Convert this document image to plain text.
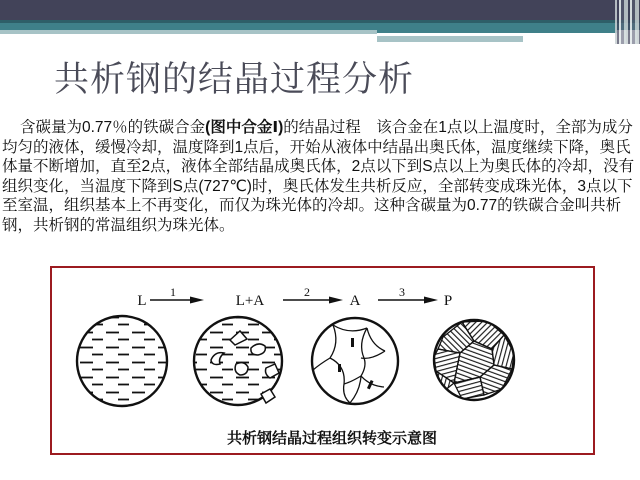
共析钢的结晶过程分析
含碳量为0.77％的铁碳合金(图中合金Ⅰ)的结晶过程　该合金在1点以上温度时，全部为成分均匀的液体，缓慢冷却，温度降到1点后，开始从液体中结晶出奥氏体，温度继续下降，奥氏体量不断增加，直至2点，液体全部结晶成奥氏体，2点以下到S点以上为奥氏体的冷却，没有组织变化，当温度下降到S点(727℃)时，奥氏体发生共析反应，全部转变成珠光体，3点以下至室温，组织基本上不再变化，而仅为珠光体的冷却。这种含碳量为0.77的铁碳合金叫共析钢，共析钢的常温组织为珠光体。
L
1
L+A
2
A
3
P
共析钢结晶过程组织转变示意图
